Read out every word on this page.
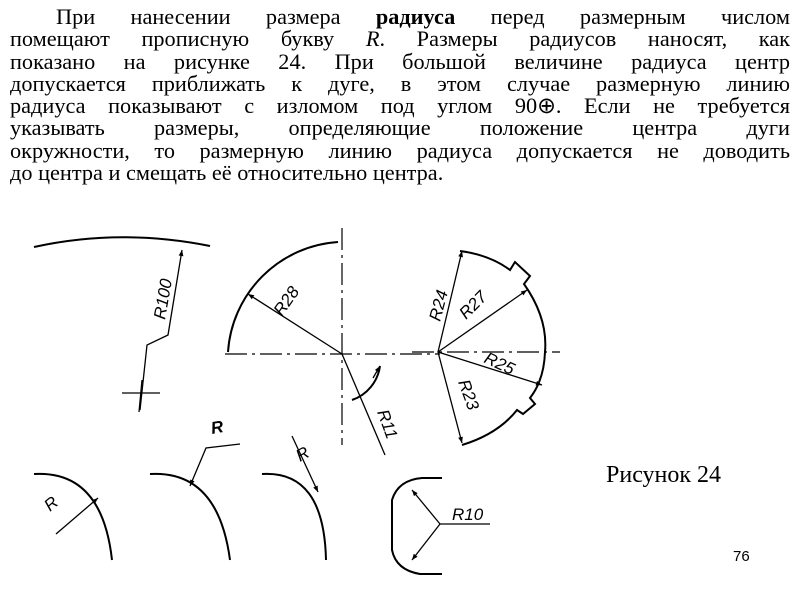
При нанесении размера радиуса перед размерным числом
помещают прописную букву R. Размеры радиусов наносят, как
показано на рисунке 24. При большой величине радиуса центр
допускается приближать к дуге, в этом случае размерную линию
радиуса показывают с изломом под углом 90⊕. Если не требуется
указывать размеры, определяющие положение центра дуги
окружности, то размерную линию радиуса допускается не доводить
до центра и смещать её относительно центра.
R100	R28
R11
R24 R27
R25
R23
R
R
R
R10
Рисунок 24
76
